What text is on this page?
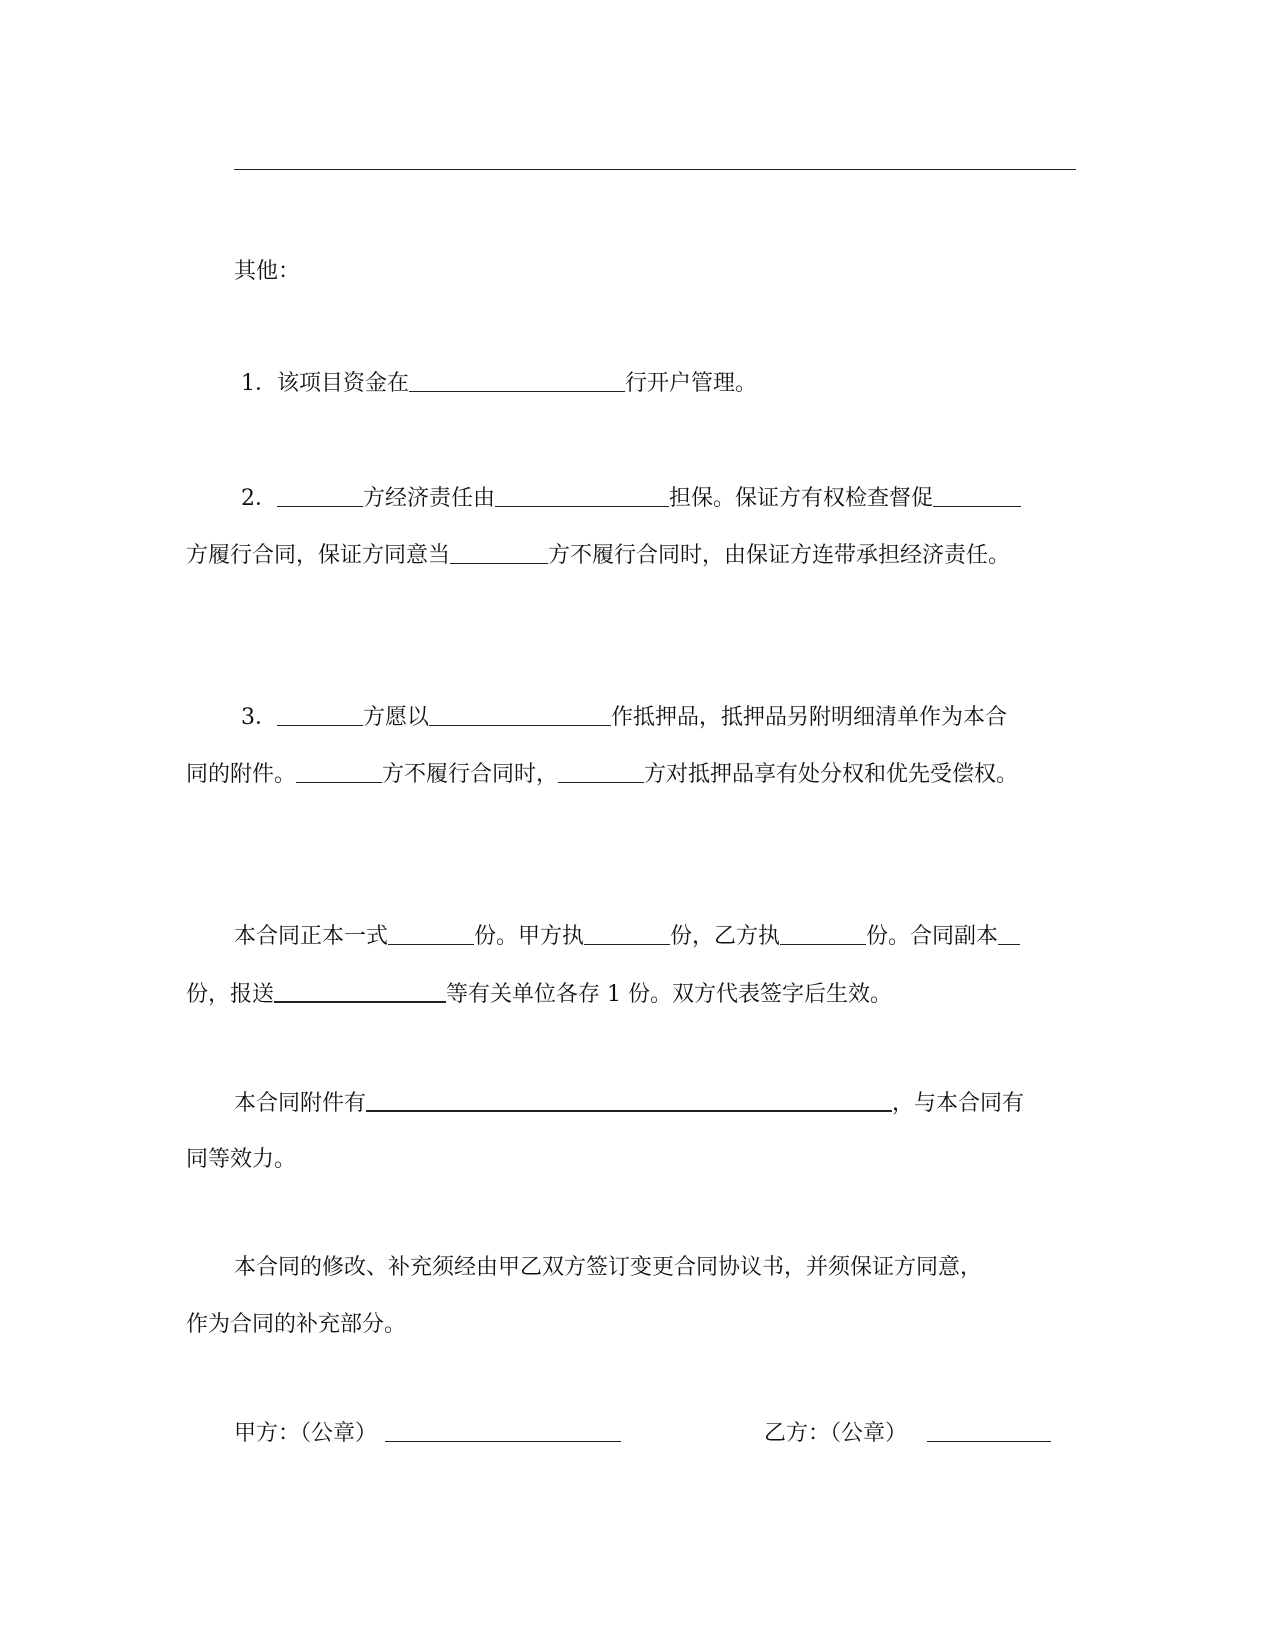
其他：
1．该项目资金在	行开户管理。
2．	方经济责任由	担保。保证方有权检查督促
方履行合同，保证方同意当	方不履行合同时，由保证方连带承担经济责任。
3．	方愿以	作抵押品，抵押品另附明细清单作为本合
同的附件。	方不履行合同时，	方对抵押品享有处分权和优先受偿权。
本合同正本一式	份。甲方执	份，乙方执	份。合同副本
份，报送	等有关单位各存 1 份。双方代表签字后生效。
本合同附件有	，与本合同有
同等效力。
本合同的修改、补充须经由甲乙双方签订变更合同协议书，并须保证方同意，
作为合同的补充部分。
甲方：（公章）	乙方：（公章）
